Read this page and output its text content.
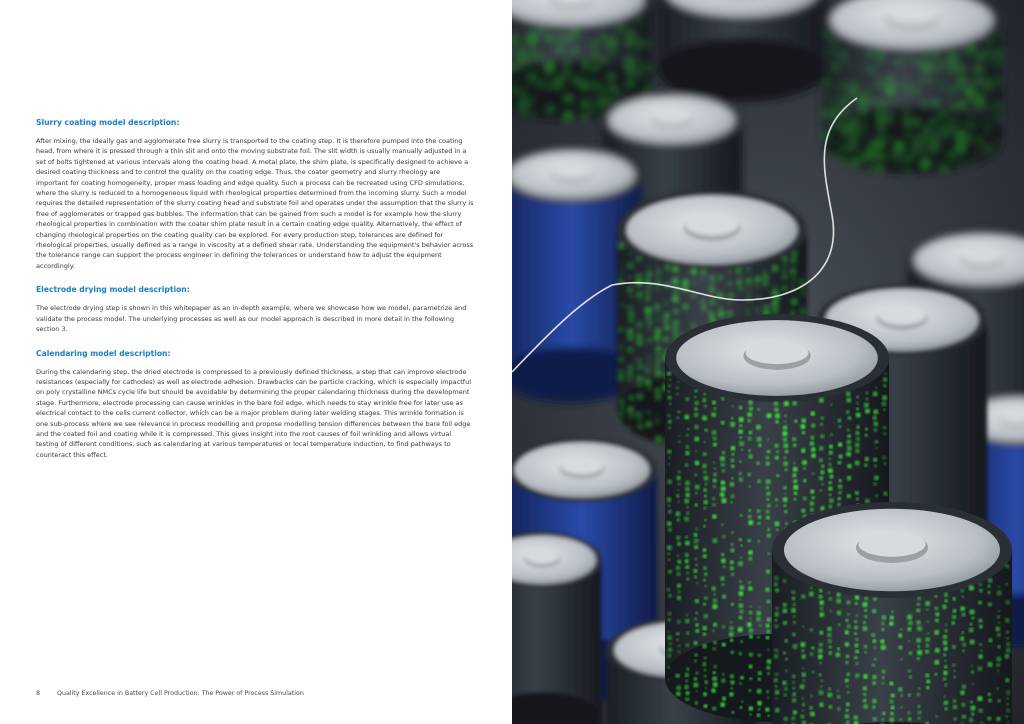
Slurry coating model description:
After mixing, the ideally gas and agglomerate free slurry is transported to the coating step. It is therefore pumped into the coating head, from where it is pressed through a thin slit and onto the moving substrate foil. The slit width is usually manually adjusted in a set of bolts tightened at various intervals along the coating head. A metal plate, the shim plate, is specifically designed to achieve a desired coating thickness and to control the quality on the coating edge. Thus, the coater geometry and slurry rheology are important for coating homogeneity, proper mass loading and edge quality. Such a process can be recreated using CFD simulations, where the slurry is reduced to a homogeneous liquid with rheological properties determined from the incoming slurry. Such a model requires the detailed representation of the slurry coating head and substrate foil and operates under the assumption that the slurry is free of agglomerates or trapped gas bubbles. The information that can be gained from such a model is for example how the slurry rheological properties in combination with the coater shim plate result in a certain coating edge quality. Alternatively, the effect of changing rheological properties on the coating quality can be explored. For every production step, tolerances are defined for rheological properties, usually defined as a range in viscosity at a defined shear rate. Understanding the equipment's behavior across the tolerance range can support the process engineer in defining the tolerances or understand how to adjust the equipment accordingly.
Electrode drying model description:
The electrode drying step is shown in this whitepaper as an in-depth example, where we showcase how we model, parametrize and validate the process model. The underlying processes as well as our model approach is described in more detail in the following section 3.
Calendaring model description:
During the calendaring step, the dried electrode is compressed to a previously defined thickness, a step that can improve electrode resistances (especially for cathodes) as well as electrode adhesion. Drawbacks can be particle cracking, which is especially impactful on poly crystalline NMCs cycle life but should be avoidable by determining the proper calendaring thickness during the development stage. Furthermore, electrode processing can cause wrinkles in the bare foil edge, which needs to stay wrinkle free for later use as electrical contact to the cells current collector, which can be a major problem during later welding stages. This wrinkle formation is one sub-process where we see relevance in process modelling and propose modelling tension differences between the bare foil edge and the coated foil and coating while it is compressed. This gives insight into the root causes of foil wrinkling and allows virtual testing of different conditions, such as calendaring at various temperatures or local temperature induction, to find pathways to counteract this effect.
8	Quality Excellence in Battery Cell Production: The Power of Process Simulation
